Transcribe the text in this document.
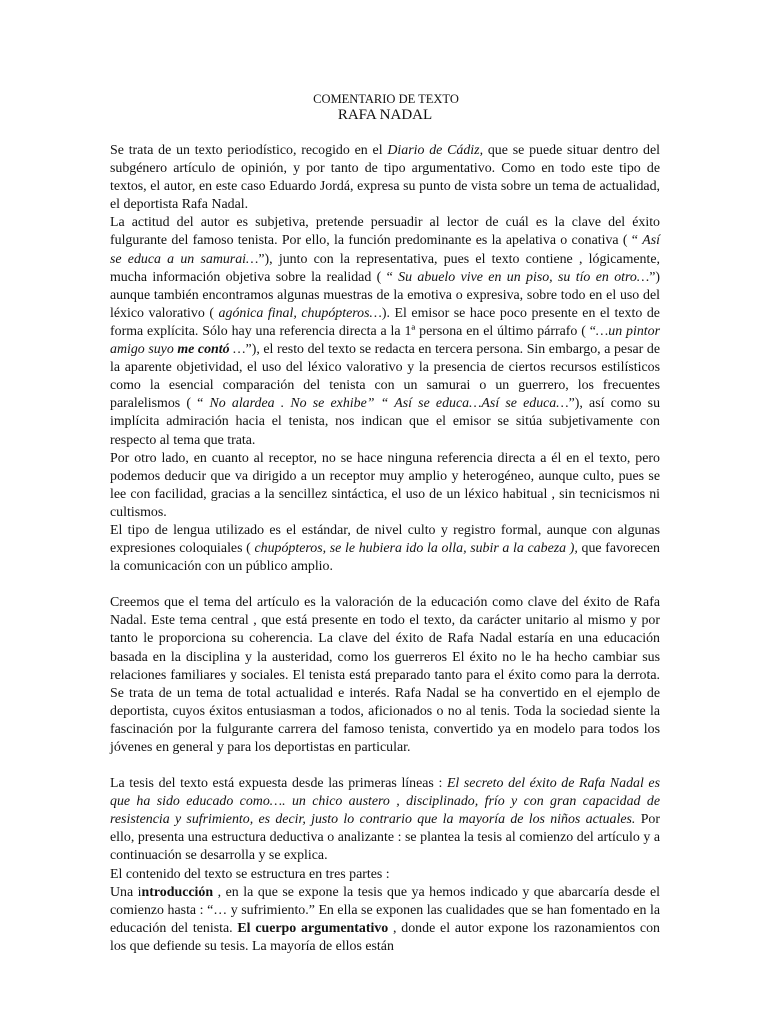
COMENTARIO DE TEXTO
RAFA NADAL

Se trata de un texto periodístico, recogido en el Diario de Cádiz, que se puede situar dentro del subgénero artículo de opinión, y por tanto de tipo argumentativo. Como en todo este tipo de textos, el autor, en este caso Eduardo Jordá, expresa su punto de vista sobre un tema de actualidad, el deportista Rafa Nadal.

La actitud del autor es subjetiva, pretende persuadir al lector de cuál es la clave del éxito fulgurante del famoso tenista. Por ello, la función predominante es la apelativa o conativa ( “ Así se educa a un samurai…”), junto con la representativa, pues el texto contiene , lógicamente, mucha información objetiva sobre la realidad ( “ Su abuelo vive en un piso, su tío en otro…”) aunque también encontramos algunas muestras de la emotiva o expresiva, sobre todo en el uso del léxico valorativo ( agónica final, chupópteros…). El emisor se hace poco presente en el texto de forma explícita. Sólo hay una referencia directa a la 1ª persona en el último párrafo ( “…un pintor amigo suyo me contó …”), el resto del texto se redacta en tercera persona. Sin embargo, a pesar de la aparente objetividad, el uso del léxico valorativo y la presencia de ciertos recursos estilísticos como la esencial comparación del tenista con un samurai o un guerrero, los frecuentes paralelismos ( “ No alardea . No se exhibe” “ Así se educa…Así se educa…”), así como su implícita admiración hacia el tenista, nos indican que el emisor se sitúa subjetivamente con respecto al tema que trata.

Por otro lado, en cuanto al receptor, no se hace ninguna referencia directa a él en el texto, pero podemos deducir que va dirigido a un receptor muy amplio y heterogéneo, aunque culto, pues se lee con facilidad, gracias a la sencillez sintáctica, el uso de un léxico habitual , sin tecnicismos ni cultismos.

El tipo de lengua utilizado es el estándar, de nivel culto y registro formal, aunque con algunas expresiones coloquiales ( chupópteros, se le hubiera ido la olla, subir a la cabeza ), que favorecen la comunicación con un público amplio.

Creemos que el tema del artículo es la valoración de la educación como clave del éxito de Rafa Nadal. Este tema central , que está presente en todo el texto, da carácter unitario al mismo y por tanto le proporciona su coherencia. La clave del éxito de Rafa Nadal estaría en una educación basada en la disciplina y la austeridad, como los guerreros El éxito no le ha hecho cambiar sus relaciones familiares y sociales. El tenista está preparado tanto para el éxito como para la derrota. Se trata de un tema de total actualidad e interés. Rafa Nadal se ha convertido en el ejemplo de deportista, cuyos éxitos entusiasman a todos, aficionados o no al tenis. Toda la sociedad siente la fascinación por la fulgurante carrera del famoso tenista, convertido ya en modelo para todos los jóvenes en general y para los deportistas en particular.

La tesis del texto está expuesta desde las primeras líneas : El secreto del éxito de Rafa Nadal es que ha sido educado como…. un chico austero , disciplinado, frío y con gran capacidad de resistencia y sufrimiento, es decir, justo lo contrario que la mayoría de los niños actuales. Por ello, presenta una estructura deductiva o analizante : se plantea la tesis al comienzo del artículo y a continuación se desarrolla y se explica.

El contenido del texto se estructura en tres partes :

Una introducción , en la que se expone la tesis que ya hemos indicado y que abarcaría desde el comienzo hasta : “… y sufrimiento.” En ella se exponen las cualidades que se han fomentado en la educación del tenista. El cuerpo argumentativo , donde el autor expone los razonamientos con los que defiende su tesis. La mayoría de ellos están
